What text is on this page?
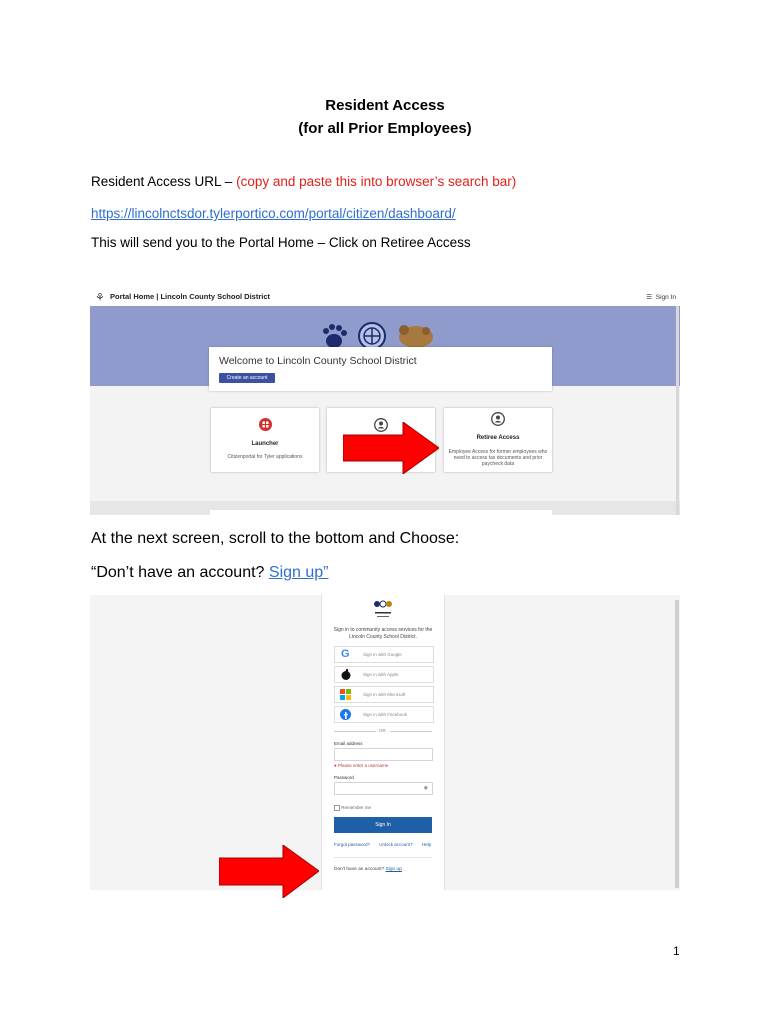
Resident Access
(for all Prior Employees)
Resident Access URL – (copy and paste this into browser’s search bar)
https://lincolnctsdor.tylerportico.com/portal/citizen/dashboard/
This will send you to the Portal Home – Click on Retiree Access
⚘ Portal Home | Lincoln County School District	☰ Sign In
Welcome to Lincoln County School District
Create an account
Launcher
Citizenportal for Tyler applications
Retiree Access
Employee Access for former employees who need to access tax documents and prior paycheck data
At the next screen, scroll to the bottom and Choose:
“Don’t have an account? Sign up”
Sign in to community access services for the Lincoln County School District.
G	Sign in with Google
Sign in with Apple
Sign in with Microsoft
Sign in with Facebook
OR
Email address
● Please enter a username
Password
◉
Remember me
Sign In
Forgot password? Unlock account? Help
Don't have an account? Sign up
1
